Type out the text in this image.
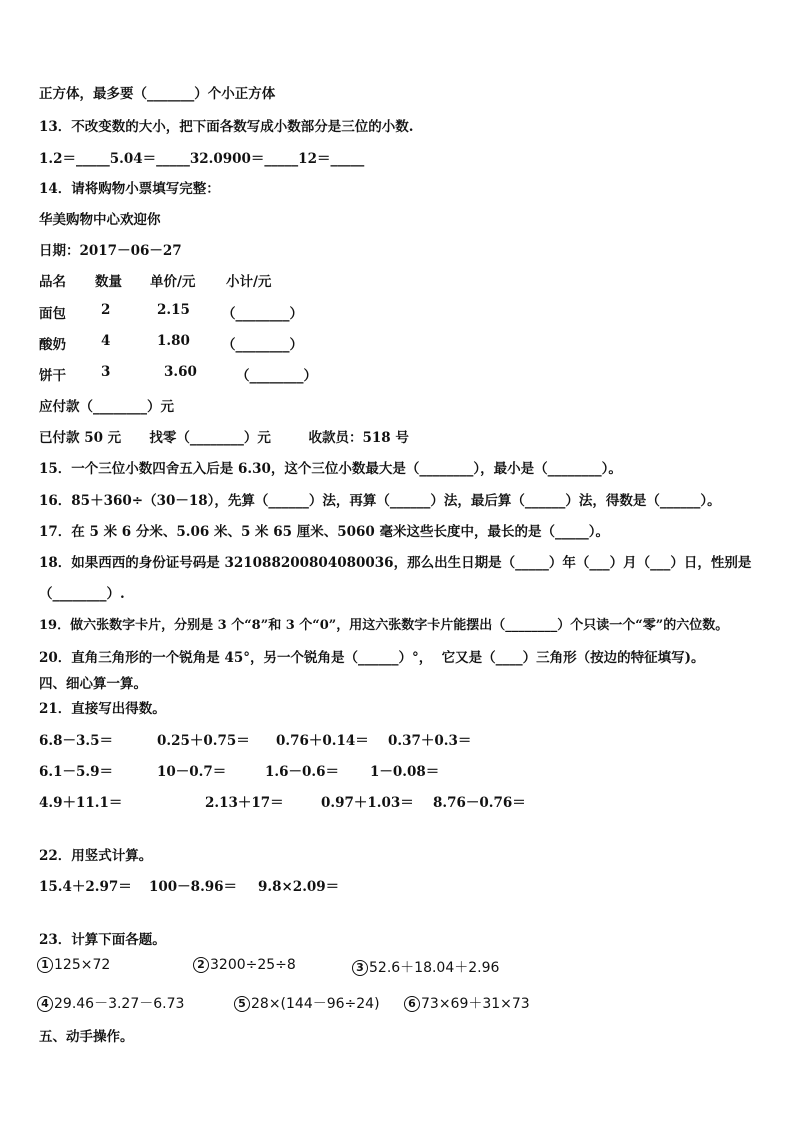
正方体，最多要（_______）个小正方体
13．不改变数的大小，把下面各数写成小数部分是三位的小数.
1.2＝_____5.04＝_____32.0900＝_____12＝_____
14．请将购物小票填写完整：
华美购物中心欢迎你
日期：2017－06－27
品名 数量 单价/元 小计/元
面包	2	2.15 （________）
酸奶	4	1.80 （________）
饼干	3	3.60	（________）
应付款（________）元
已付款 50 元      找零（________）元        收款员：518 号
15．一个三位小数四舍五入后是 6.30，这个三位小数最大是（________），最小是（________）。
16．85＋360÷（30－18），先算（______）法，再算（______）法，最后算（______）法，得数是（______）。
17．在 5 米 6 分米、5.06 米、5 米 65 厘米、5060 毫米这些长度中，最长的是（_____）。
18．如果西西的身份证号码是 321088200804080036，那么出生日期是（_____）年（___）月（___）日，性别是
（________）.
19．做六张数字卡片，分别是 3 个“8”和 3 个“0”，用这六张数字卡片能摆出（________）个只读一个“零”的六位数。
20．直角三角形的一个锐角是 45°，另一个锐角是（______）°，  它又是（____）三角形（按边的特征填写)。
四、细心算一算。
21．直接写出得数。
6.8－3.5＝	0.25＋0.75＝ 0.76＋0.14＝ 0.37＋0.3＝
6.1－5.9＝	10－0.7＝	1.6－0.6＝ 1－0.08＝
4.9＋11.1＝	2.13＋17＝	0.97＋1.03＝ 8.76－0.76＝
22．用竖式计算。
15.4＋2.97＝ 100－8.96＝ 9.8×2.09＝
23．计算下面各题。
1 125×72	2 3200÷25÷8	3 52.6＋18.04＋2.96
4 29.46－3.27－6.73	5 28×(144－96÷24)	6 73×69＋31×73
五、动手操作。
